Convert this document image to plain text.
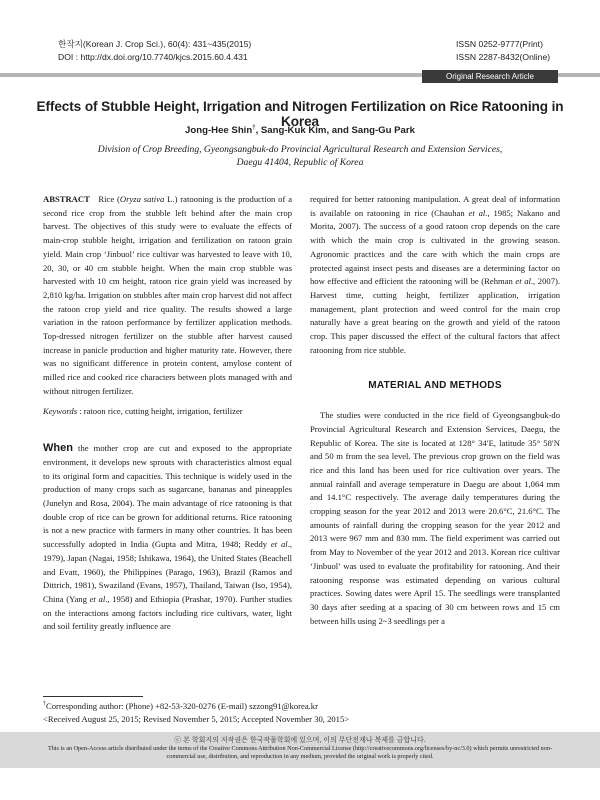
한작지(Korean J. Crop Sci.), 60(4): 431~435(2015)
DOI : http://dx.doi.org/10.7740/kjcs.2015.60.4.431
ISSN 0252-9777(Print)
ISSN 2287-8432(Online)
Original Research Article
Effects of Stubble Height, Irrigation and Nitrogen Fertilization on Rice Ratooning in Korea
Jong-Hee Shin†, Sang-Kuk Kim, and Sang-Gu Park
Division of Crop Breeding, Gyeongsangbuk-do Provincial Agricultural Research and Extension Services,
Daegu 41404, Republic of Korea

ABSTRACT Rice (Oryza sativa L.) ratooning is the production of a second rice crop from the stubble left behind after the main crop harvest. The objectives of this study were to evaluate the effects of main-crop stubble height, irrigation and fertilization on ratoon grain yield. Main crop ‘Jinbuol’ rice cultivar was harvested to leave with 10, 20, 30, or 40 cm stubble height. When the main crop stubble was harvested with 10 cm height, ratoon rice grain yield was increased by 2,810 kg/ha. Irrigation on stubbles after main crop harvest did not affect the ratoon crop yield and rice quality. The results showed a large variation in the ratoon performance by fertilizer application methods. Top-dressed nitrogen fertilizer on the stubble after harvest caused increase in panicle production and higher maturity rate. However, there was no significant difference in protein content, amylose content of milled rice and cooked rice characters between plots managed with and without nitrogen fertilizer.

Keywords : ratoon rice, cutting height, irrigation, fertilizer

When the mother crop are cut and exposed to the appropriate environment, it develops new sprouts with characteristics almost equal to its original form and capacities. This technique is widely used in the production of many crops such as sugarcane, bananas and pineapples (Junelyn and Rosa, 2004). The main advantage of rice ratooning is that double crop of rice can be grown for additional returns. Rice ratooning is not a new practice with farmers in many other countries. It has been successfully adopted in India (Gupta and Mitra, 1948; Reddy et al., 1979), Japan (Nagai, 1958; Ishikawa, 1964), the United States (Beachell and Evatt, 1960), the Philippines (Parago, 1963), Brazil (Ramos and Dittrich, 1981), Swaziland (Evans, 1957), Thailand, Taiwan (Iso, 1954), China (Yang et al., 1958) and Ethiopia (Prashar, 1970). Further studies on the interactions among factors including rice cultivars, water, light and soil fertility greatly influence are

required for better ratooning manipulation. A great deal of information is available on ratooning in rice (Chauhan et al., 1985; Nakano and Morita, 2007). The success of a good ratoon crop depends on the care with which the main crop is cultivated in the growing season. Agronomic practices and the care with which the main crops are protected against insect pests and diseases are a determining factor on how effective and efficient the ratooning will be (Rehman et al., 2007). Harvest time, cutting height, fertilizer application, irrigation management, plant protection and weed control for the main crop naturally have a great bearing on the growth and yield of the ratoon crop. This paper discussed the effect of the cultural factors that affect ratooning from rice stubble.

MATERIAL AND METHODS

The studies were conducted in the rice field of Gyeongsangbuk-do Provincial Agricultural Research and Extension Services, Daegu, the Republic of Korea. The site is located at 128° 34′E, latitude 35° 58′N and 50 m from the sea level. The previous crop grown on the field was rice and this land has been used for rice cultivation over years. The annual rainfall and average temperature in Daegu are about 1,064 mm and 14.1°C respectively. The average daily temperatures during the cropping season for the year 2012 and 2013 were 20.6°C, 21.6°C. The amounts of rainfall during the cropping season for the year 2012 and 2013 were 967 mm and 830 mm. The field experiment was carried out from May to November of the year 2012 and 2013. Korean rice cultivar ‘Jinbuol’ was used to evaluate the profitability for ratooning. And their ratooning response was estimated depending on various cultural practices. Sowing dates were April 15. The seedlings were transplanted 30 days after seeding at a spacing of 30 cm between rows and 15 cm between hills using 2~3 seedlings per a

†Corresponding author: (Phone) +82-53-320-0276 (E-mail) szzong91@korea.kr
<Received August 25, 2015; Revised November 5, 2015; Accepted November 30, 2015>
ⓒ 본 학회지의 저작권은 한국작물학회에 있으며, 이의 무단전재나 복제를 금합니다.
This is an Open-Access article distributed under the terms of the Creative Commons Attribution Non-Commercial License (http://creativecommons.org/licenses/by-nc/3.0) which permits unrestricted non-commercial use, distribution, and reproduction in any medium, provided the original work is properly cited.
